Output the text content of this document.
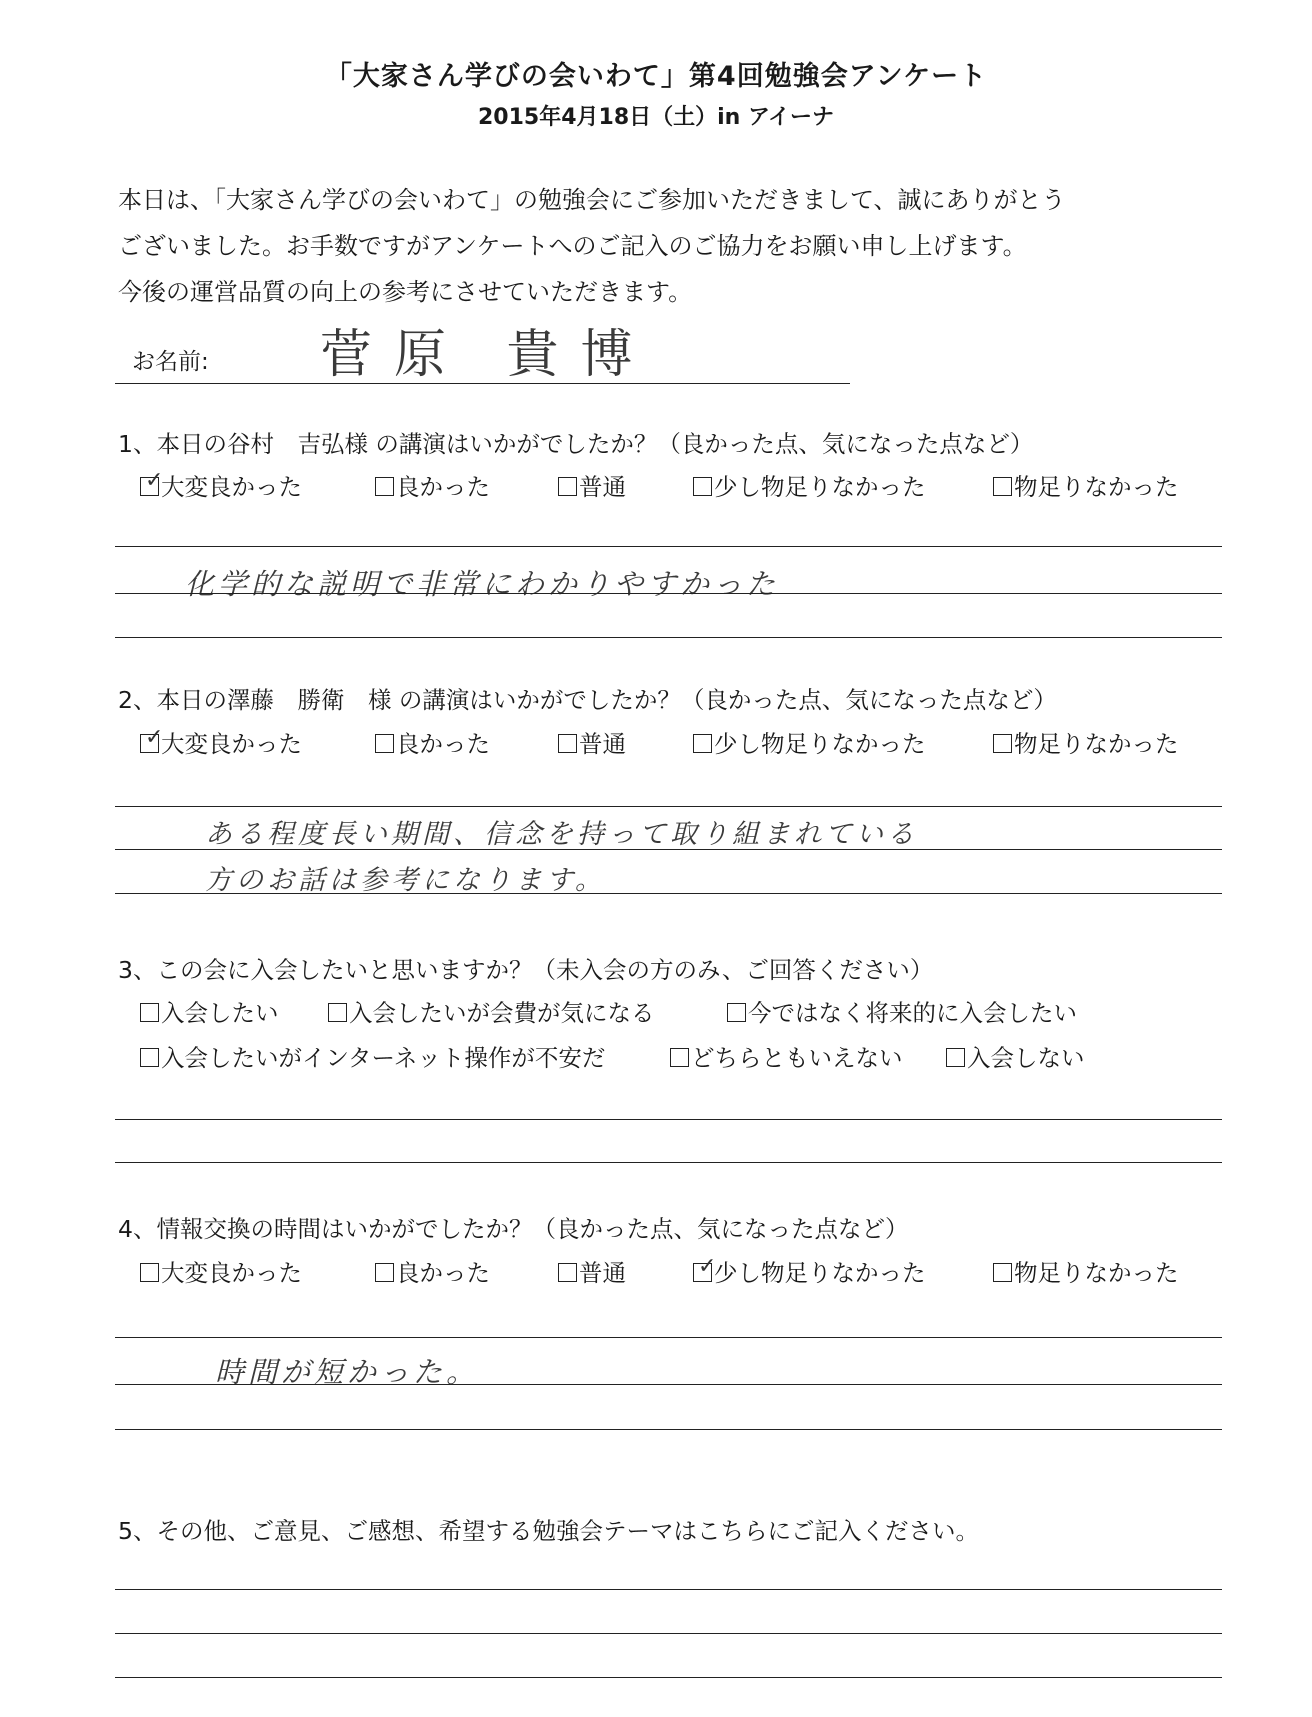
「大家さん学びの会いわて」第4回勉強会アンケート
2015年4月18日（土）in アイーナ
本日は、「大家さん学びの会いわて」の勉強会にご参加いただきまして、誠にありがとう
ございました。お手数ですがアンケートへのご記入のご協力をお願い申し上げます。
今後の運営品質の向上の参考にさせていただきます。
お名前: 菅原 貴博
1、本日の谷村　吉弘様 の講演はいかがでしたか？（良かった点、気になった点など）
✓
大変良かった	良かった	普通	少し物足りなかった	物足りなかった
化学的な説明で非常にわかりやすかった
2、本日の澤藤　勝衛　様 の講演はいかがでしたか？（良かった点、気になった点など）
✓
大変良かった	良かった	普通	少し物足りなかった	物足りなかった
ある程度長い期間、信念を持って取り組まれている
方のお話は参考になります。
3、この会に入会したいと思いますか？（未入会の方のみ、ご回答ください）
入会したい	入会したいが会費が気になる	今ではなく将来的に入会したい
入会したいがインターネット操作が不安だ	どちらともいえない	入会しない
4、情報交換の時間はいかがでしたか？（良かった点、気になった点など）
大変良かった	良かった	普通	✓
少し物足りなかった	物足りなかった
時間が短かった。
5、その他、ご意見、ご感想、希望する勉強会テーマはこちらにご記入ください。
